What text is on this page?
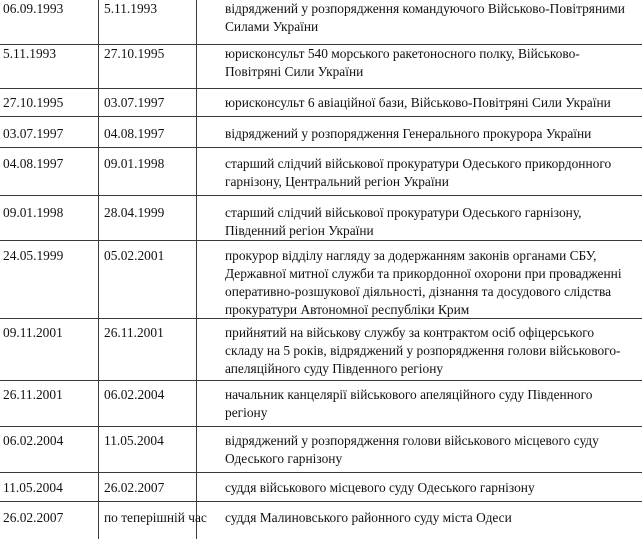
06.09.1993	5.11.1993	відряджений у розпорядження командуючого Військово-Повітряними Силами України
5.11.1993	27.10.1995	юрисконсульт 540 морського ракетоносного полку, Військово-Повітряні Сили України
27.10.1995	03.07.1997	юрисконсульт 6 авіаційної бази, Військово-Повітряні Сили України
03.07.1997	04.08.1997	відряджений у розпорядження Генерального прокурора України
04.08.1997	09.01.1998	старший слідчий військової прокуратури Одеського прикордонного гарнізону, Центральний регіон України
09.01.1998	28.04.1999	старший слідчий військової прокуратури Одеського гарнізону, Південний регіон України
24.05.1999	05.02.2001	прокурор відділу нагляду за додержанням законів органами СБУ, Державної митної служби та прикордонної охорони при провадженні оперативно-розшукової діяльності, дізнання та досудового слідства прокуратури Автономної республіки Крим
09.11.2001	26.11.2001	прийнятий на військову службу за контрактом осіб офіцерського складу на 5 років, відряджений у розпорядження голови військового-апеляційного суду Південного регіону
26.11.2001	06.02.2004	начальник канцелярії військового апеляційного суду Південного регіону
06.02.2004	11.05.2004	відряджений у розпорядження голови військового місцевого суду Одеського гарнізону
11.05.2004	26.02.2007	суддя військового місцевого суду Одеського гарнізону
26.02.2007	по теперішній час	суддя Малиновського районного суду міста Одеси
